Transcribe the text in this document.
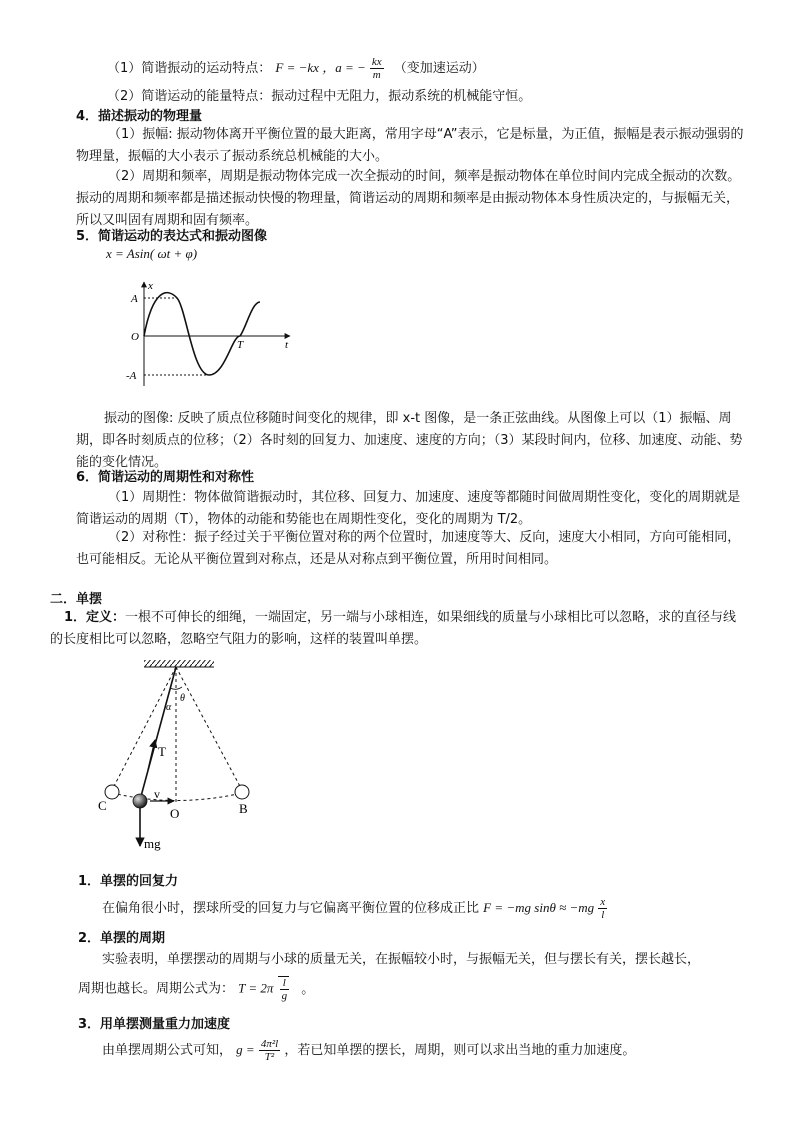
（1）简谐振动的运动特点： F = −kx ，a = − $\frac{kx}{m}$ （变加速运动）
（2）简谐运动的能量特点：振动过程中无阻力，振动系统的机械能守恒。
4．描述振动的物理量
（1）振幅: 振动物体离开平衡位置的最大距离，常用字母“A”表示，它是标量，为正值，振幅是表示振动强弱的物理量，振幅的大小表示了振动系统总机械能的大小。
（2）周期和频率，周期是振动物体完成一次全振动的时间，频率是振动物体在单位时间内完成全振动的次数。振动的周期和频率都是描述振动快慢的物理量，简谐运动的周期和频率是由振动物体本身性质决定的，与振幅无关，所以又叫固有周期和固有频率。
5．简谐运动的表达式和振动图像
x = Asin( ωt + φ)
x
t
A
O
-A
T
振动的图像: 反映了质点位移随时间变化的规律，即 x-t 图像，是一条正弦曲线。从图像上可以（1）振幅、周期，即各时刻质点的位移；（2）各时刻的回复力、加速度、速度的方向；（3）某段时间内，位移、加速度、动能、势能的变化情况。
6．简谐运动的周期性和对称性
（1）周期性：物体做简谐振动时，其位移、回复力、加速度、速度等都随时间做周期性变化，变化的周期就是简谐运动的周期（T），物体的动能和势能也在周期性变化，变化的周期为 T/2。
（2）对称性：振子经过关于平衡位置对称的两个位置时，加速度等大、反向，速度大小相同，方向可能相同，也可能相反。无论从平衡位置到对称点，还是从对称点到平衡位置，所用时间相同。
二．单摆
1．定义：一根不可伸长的细绳，一端固定，另一端与小球相连，如果细线的质量与小球相比可以忽略，求的直径与线的长度相比可以忽略，忽略空气阻力的影响，这样的装置叫单摆。
θ
α
T
C
v
O	B
mg
1．单摆的回复力
在偏角很小时，摆球所受的回复力与它偏离平衡位置的位移成正比 F = −mg $\sin\theta \approx -mg \frac{x}{l}$
2．单摆的周期
实验表明，单摆摆动的周期与小球的质量无关，在振幅较小时，与振幅无关，但与摆长有关，摆长越长，
周期也越长。周期公式为： $T = 2\pi \frac{l}{g}$ 。
3．用单摆测量重力加速度
由单摆周期公式可知， $g = \frac{\text{4π²l}}{\text{T²}}$ ，若已知单摆的摆长，周期，则可以求出当地的重力加速度。
